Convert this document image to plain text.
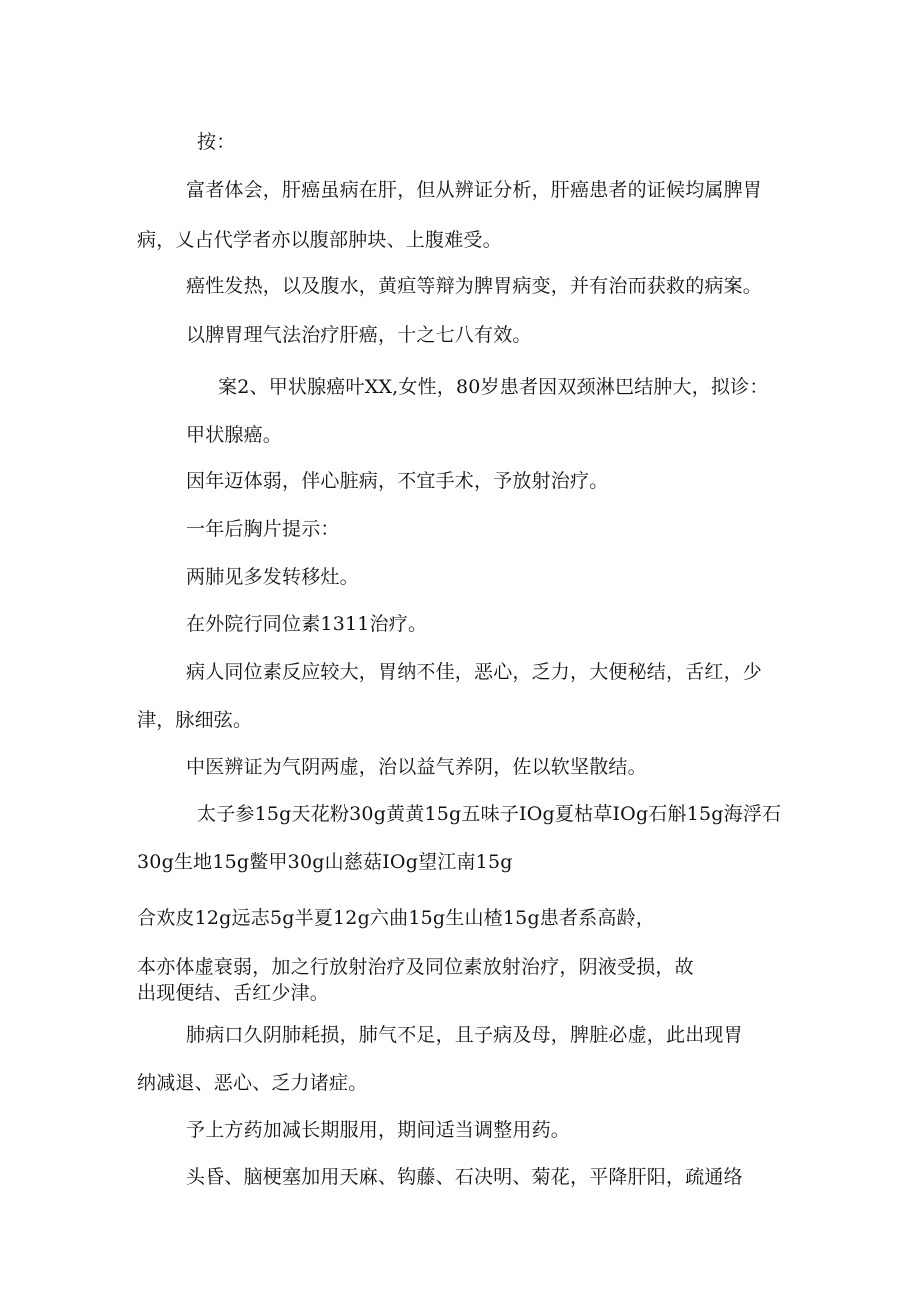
按：
富者体会，肝癌虽病在肝，但从辨证分析，肝癌患者的证候均属脾胃
病，乂占代学者亦以腹部肿块、上腹难受。
癌性发热，以及腹水，黄疸等辩为脾胃病变，并有治而获救的病案。
以脾胃理气法治疗肝癌，十之七八有效。
案2、甲状腺癌叶XX,女性，80岁患者因双颈淋巴结肿大，拟诊：
甲状腺癌。
因年迈体弱，伴心脏病，不宜手术，予放射治疗。
一年后胸片提示：
两肺见多发转移灶。
在外院行同位素1311治疗。
病人同位素反应较大，胃纳不佳，恶心，乏力，大便秘结，舌红，少
津，脉细弦。
中医辨证为气阴两虚，治以益气养阴，佐以软坚散结。
太子参15g天花粉30g黄黄15g五味子IOg夏枯草IOg石斛15g海浮石
30g生地15g鳖甲30g山慈菇IOg望江南15g
合欢皮12g远志5g半夏12g六曲15g生山楂15g患者系高龄，
本亦体虚衰弱，加之行放射治疗及同位素放射治疗，阴液受损，故
出现便结、舌红少津。
肺病口久阴肺耗损，肺气不足，且子病及母，脾脏必虚，此出现胃
纳减退、恶心、乏力诸症。
予上方药加减长期服用，期间适当调整用药。
头昏、脑梗塞加用天麻、钩藤、石决明、菊花，平降肝阳，疏通络
